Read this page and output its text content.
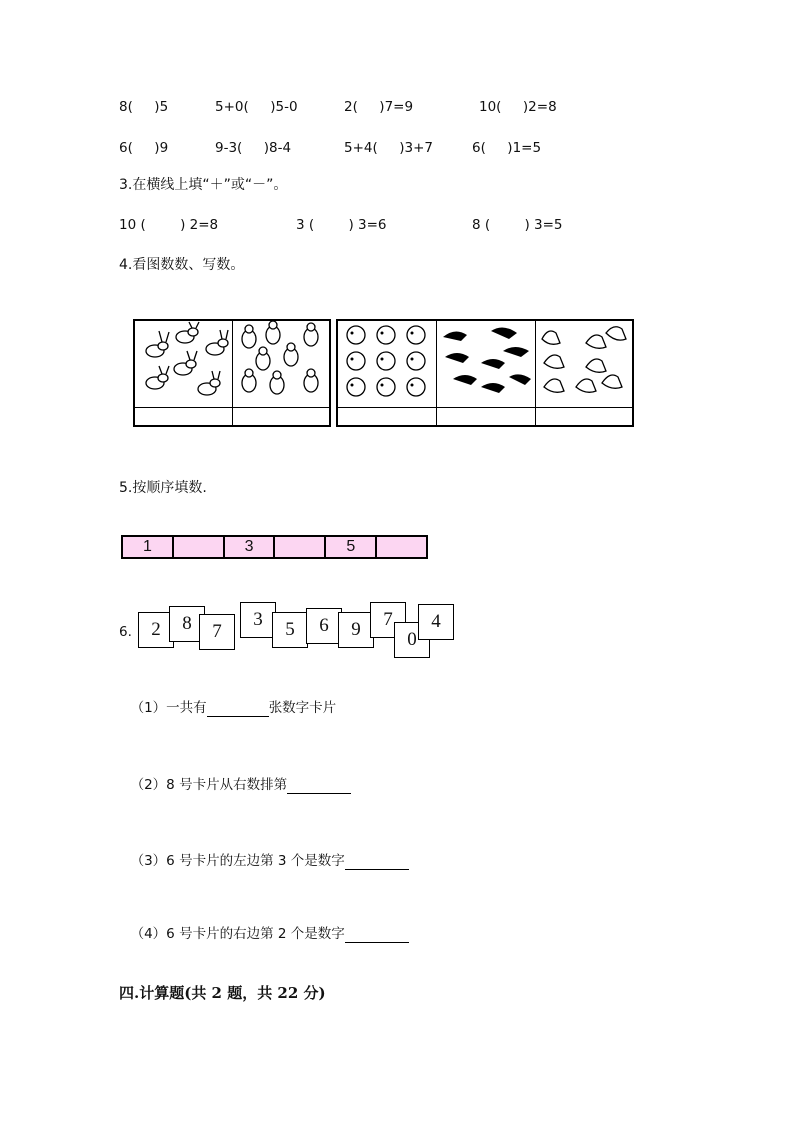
8(     )5	5+0(     )5-0	2(     )7=9	10(     )2=8
6(     )9	9-3(     )8-4	5+4(     )3+7	6(     )1=5
3.在横线上填“＋”或“－”。
10 (        ) 2=8	3 (        ) 3=6	8 (        ) 3=5
4.看图数数、写数。
5.按顺序填数.
1	3	5
6.	2	8	7
3	5	6	9	7
0
4

（1）一共有	张数字卡片

（2）8 号卡片从右数排第

（3）6 号卡片的左边第 3 个是数字

（4）6 号卡片的右边第 2 个是数字

四.计算题(共 2 题，共 22 分)
